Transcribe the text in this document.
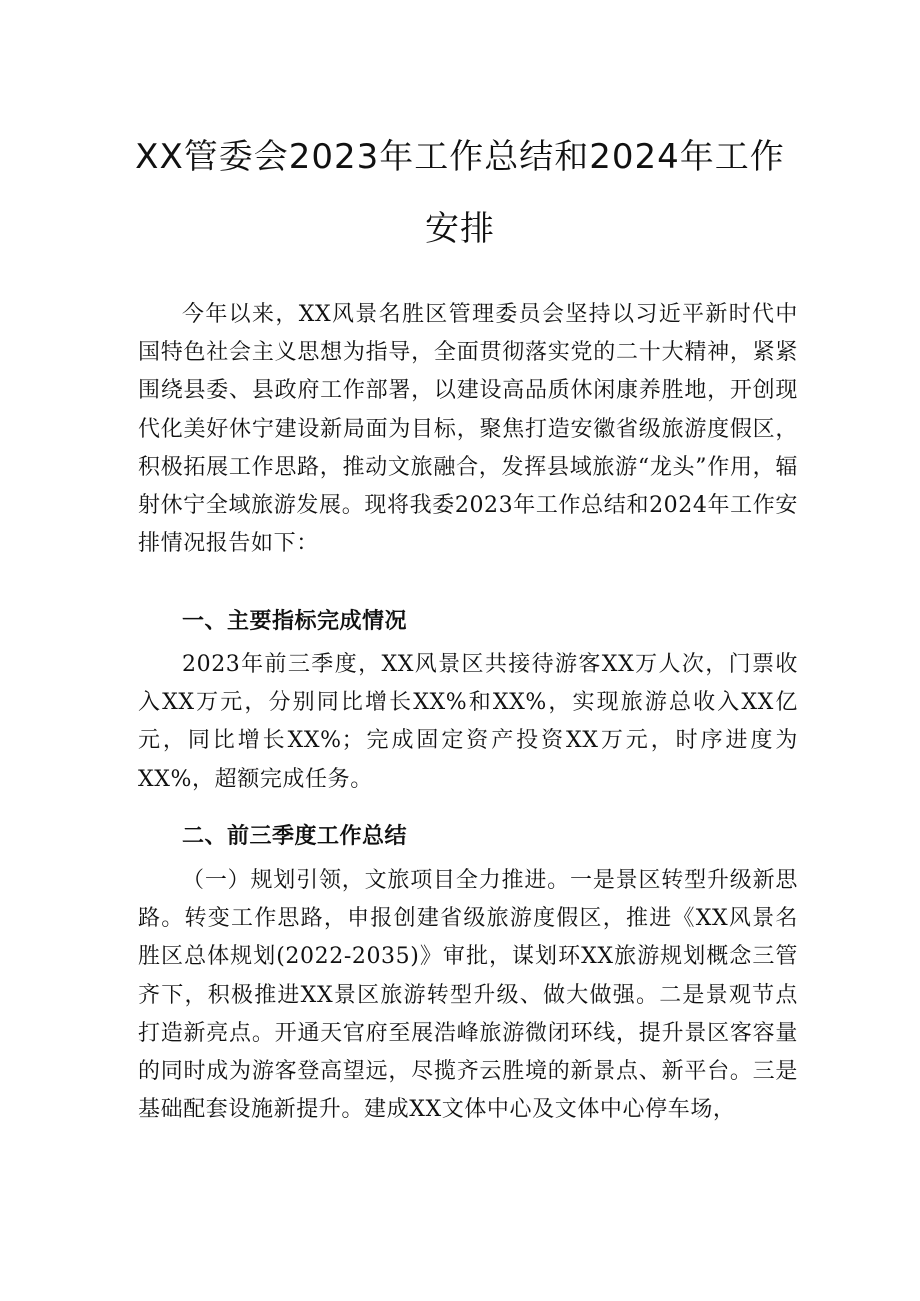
XX管委会2023年工作总结和2024年工作
安排

今年以来，XX风景名胜区管理委员会坚持以习近平新时代中国特色社会主义思想为指导，全面贯彻落实党的二十大精神，紧紧围绕县委、县政府工作部署，以建设高品质休闲康养胜地，开创现代化美好休宁建设新局面为目标，聚焦打造安徽省级旅游度假区，积极拓展工作思路，推动文旅融合，发挥县域旅游“龙头”作用，辐射休宁全域旅游发展。现将我委2023年工作总结和2024年工作安排情况报告如下：

一、主要指标完成情况

2023年前三季度，XX风景区共接待游客XX万人次，门票收入XX万元，分别同比增长XX%和XX%，实现旅游总收入XX亿元，同比增长XX%；完成固定资产投资XX万元，时序进度为XX%，超额完成任务。

二、前三季度工作总结

（一）规划引领，文旅项目全力推进。一是景区转型升级新思路。转变工作思路，申报创建省级旅游度假区，推进《XX风景名胜区总体规划(2022-2035)》审批，谋划环XX旅游规划概念三管齐下，积极推进XX景区旅游转型升级、做大做强。二是景观节点打造新亮点。开通天官府至展浩峰旅游微闭环线，提升景区客容量的同时成为游客登高望远，尽揽齐云胜境的新景点、新平台。三是基础配套设施新提升。建成XX文体中心及文体中心停车场，
